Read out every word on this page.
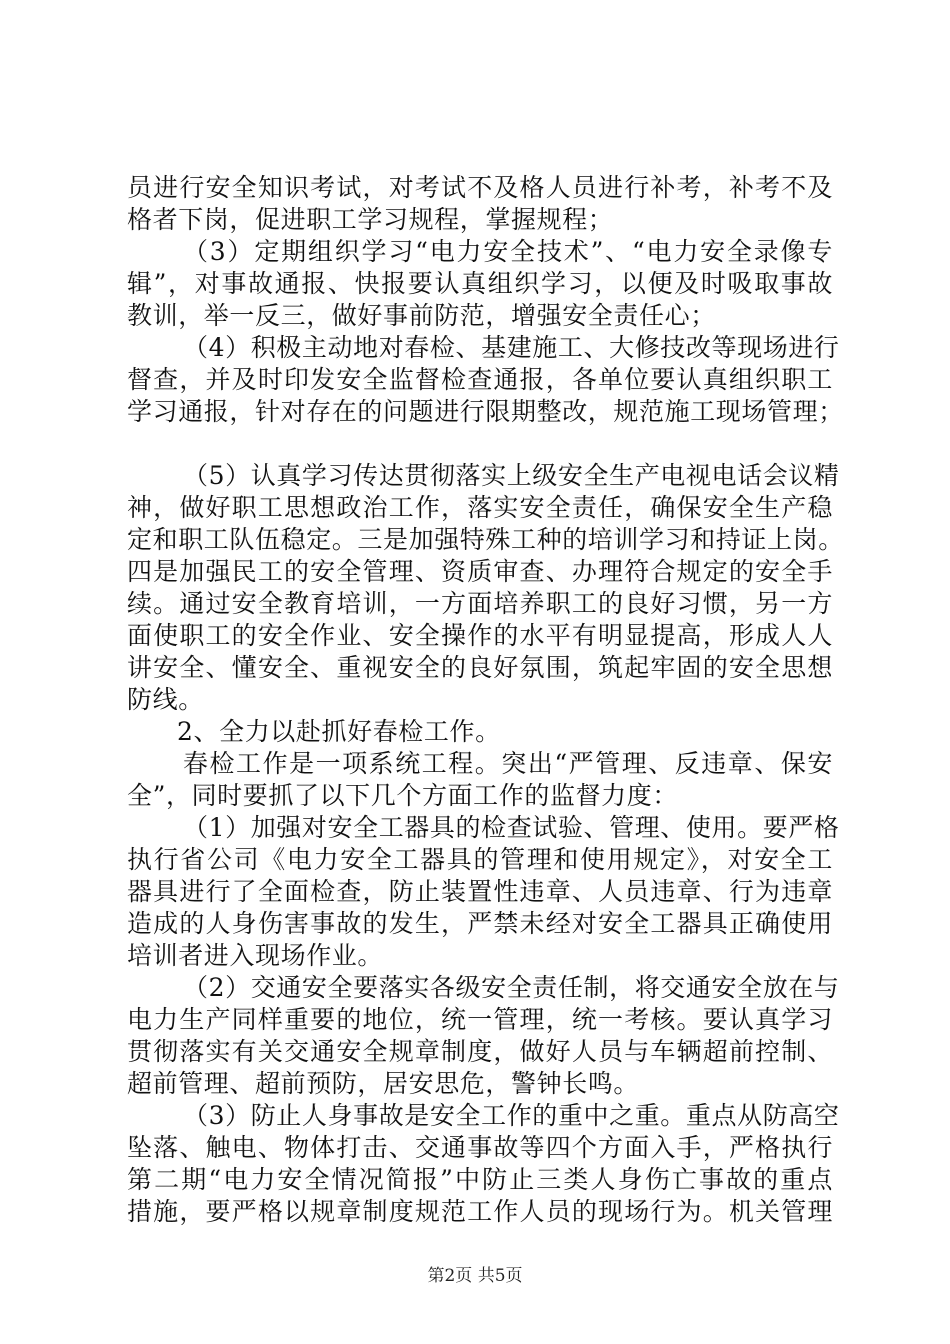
员进行安全知识考试，对考试不及格人员进行补考，补考不及
格者下岗，促进职工学习规程，掌握规程；
（3）定期组织学习“电力安全技术”、“电力安全录像专
辑”，对事故通报、快报要认真组织学习，以便及时吸取事故
教训，举一反三，做好事前防范，增强安全责任心；
（4）积极主动地对春检、基建施工、大修技改等现场进行
督查，并及时印发安全监督检查通报，各单位要认真组织职工
学习通报，针对存在的问题进行限期整改，规范施工现场管理；
（5）认真学习传达贯彻落实上级安全生产电视电话会议精
神，做好职工思想政治工作，落实安全责任，确保安全生产稳
定和职工队伍稳定。三是加强特殊工种的培训学习和持证上岗。
四是加强民工的安全管理、资质审查、办理符合规定的安全手
续。通过安全教育培训，一方面培养职工的良好习惯，另一方
面使职工的安全作业、安全操作的水平有明显提高，形成人人
讲安全、懂安全、重视安全的良好氛围，筑起牢固的安全思想
防线。
2、全力以赴抓好春检工作。
春检工作是一项系统工程。突出“严管理、反违章、保安
全”，同时要抓了以下几个方面工作的监督力度：
（1）加强对安全工器具的检查试验、管理、使用。要严格
执行省公司《电力安全工器具的管理和使用规定》，对安全工
器具进行了全面检查，防止装置性违章、人员违章、行为违章
造成的人身伤害事故的发生，严禁未经对安全工器具正确使用
培训者进入现场作业。
（2）交通安全要落实各级安全责任制，将交通安全放在与
电力生产同样重要的地位，统一管理，统一考核。要认真学习
贯彻落实有关交通安全规章制度，做好人员与车辆超前控制、
超前管理、超前预防，居安思危，警钟长鸣。
（3）防止人身事故是安全工作的重中之重。重点从防高空
坠落、触电、物体打击、交通事故等四个方面入手，严格执行
第二期“电力安全情况简报”中防止三类人身伤亡事故的重点
措施，要严格以规章制度规范工作人员的现场行为。机关管理
第2页 共5页
